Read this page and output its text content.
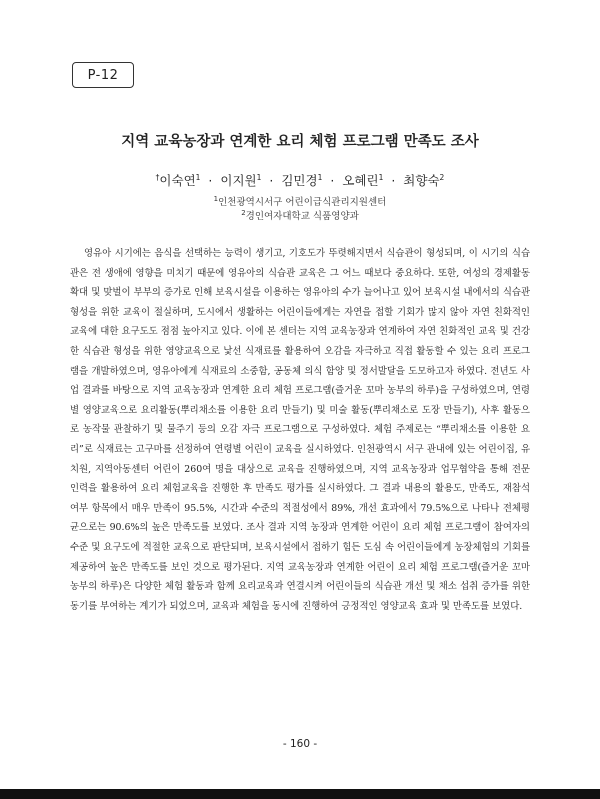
P-12
지역 교육농장과 연계한 요리 체험 프로그램 만족도 조사
†이숙연$^1$ · 이지원$^1$ · 김민경$^1$ · 오혜린$^1$ · 최향숙$^2$
$^1$인천광역시서구 어린이급식관리지원센터
$^2$경인여자대학교 식품영양과

영유아 시기에는 음식을 선택하는 능력이 생기고, 기호도가 뚜렷해지면서 식습관이 형성되며, 이 시기의 식습관은 전 생애에 영향을 미치기 때문에 영유아의 식습관 교육은 그 어느 때보다 중요하다. 또한, 여성의 경제활동 확대 및 맞벌이 부부의 증가로 인해 보육시설을 이용하는 영유아의 수가 늘어나고 있어 보육시설 내에서의 식습관 형성을 위한 교육이 절실하며, 도시에서 생활하는 어린이들에게는 자연을 접할 기회가 많지 않아 자연 친화적인 교육에 대한 요구도도 점점 높아지고 있다. 이에 본 센터는 지역 교육농장과 연계하여 자연 친화적인 교육 및 건강한 식습관 형성을 위한 영양교육으로 낯선 식재료를 활용하여 오감을 자극하고 직접 활동할 수 있는 요리 프로그램을 개발하였으며, 영유아에게 식재료의 소중함, 공동체 의식 함양 및 정서발달을 도모하고자 하였다. 전년도 사업 결과를 바탕으로 지역 교육농장과 연계한 요리 체험 프로그램(즐거운 꼬마 농부의 하루)을 구성하였으며, 연령별 영양교육으로 요리활동(뿌리채소를 이용한 요리 만들기) 및 미술 활동(뿌리채소로 도장 만들기), 사후 활동으로 농작물 관찰하기 및 물주기 등의 오감 자극 프로그램으로 구성하였다. 체험 주제로는 “뿌리채소를 이용한 요리”로 식재료는 고구마를 선정하여 연령별 어린이 교육을 실시하였다. 인천광역시 서구 관내에 있는 어린이집, 유치원, 지역아동센터 어린이 260여 명을 대상으로 교육을 진행하였으며, 지역 교육농장과 업무협약을 통해 전문 인력을 활용하여 요리 체험교육을 진행한 후 만족도 평가를 실시하였다. 그 결과 내용의 활용도, 만족도, 재참석 여부 항목에서 매우 만족이 95.5%, 시간과 수준의 적절성에서 89%, 개선 효과에서 79.5%으로 나타나 전체평균으로는 90.6%의 높은 만족도를 보였다. 조사 결과 지역 농장과 연계한 어린이 요리 체험 프로그램이 참여자의 수준 및 요구도에 적절한 교육으로 판단되며, 보육시설에서 접하기 힘든 도심 속 어린이들에게 농장체험의 기회를 제공하여 높은 만족도를 보인 것으로 평가된다. 지역 교육농장과 연계한 어린이 요리 체험 프로그램(즐거운 꼬마 농부의 하루)은 다양한 체험 활동과 함께 요리교육과 연결시켜 어린이들의 식습관 개선 및 채소 섭취 증가를 위한 동기를 부여하는 계기가 되었으며, 교육과 체험을 동시에 진행하여 긍정적인 영양교육 효과 및 만족도를 보였다.

- 160 -
